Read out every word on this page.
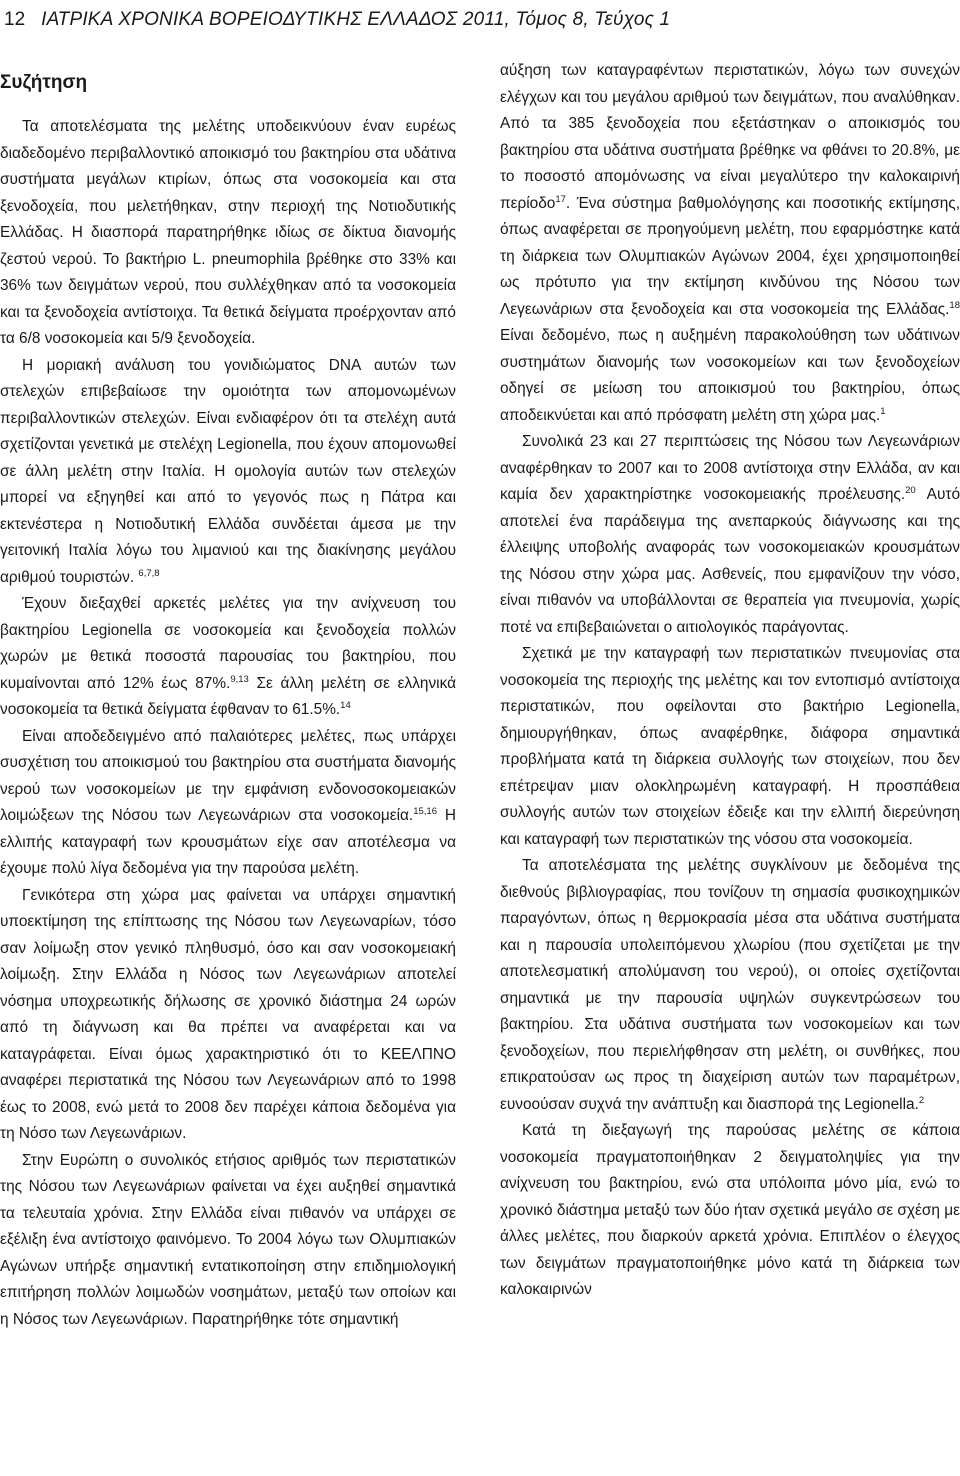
12 ΙΑΤΡΙΚΑ ΧΡΟΝΙΚΑ ΒΟΡΕΙΟΔΥΤΙΚΗΣ ΕΛΛΑΔΟΣ 2011, Τόμος 8, Τεύχος 1

Συζήτηση

Τα αποτελέσματα της μελέτης υποδεικνύουν έναν ευρέως διαδεδομένο περιβαλλοντικό αποικισμό του βακτηρίου στα υδάτινα συστήματα μεγάλων κτιρίων, όπως στα νοσοκομεία και στα ξενοδοχεία, που μελετήθηκαν, στην περιοχή της Νοτιοδυτικής Ελλάδας. Η διασπορά παρατηρήθηκε ιδίως σε δίκτυα διανομής ζεστού νερού. Το βακτήριο L. pneumophila βρέθηκε στο 33% και 36% των δειγμάτων νερού, που συλλέχθηκαν από τα νοσοκομεία και τα ξενοδοχεία αντίστοιχα. Τα θετικά δείγματα προέρχονταν από τα 6/8 νοσοκομεία και 5/9 ξενοδοχεία.

Η μοριακή ανάλυση του γονιδιώματος DNA αυτών των στελεχών επιβεβαίωσε την ομοιότητα των απομονωμένων περιβαλλοντικών στελεχών. Είναι ενδιαφέρον ότι τα στελέχη αυτά σχετίζονται γενετικά με στελέχη Legionella, που έχουν απομονωθεί σε άλλη μελέτη στην Ιταλία. Η ομολογία αυτών των στελεχών μπορεί να εξηγηθεί και από το γεγονός πως η Πάτρα και εκτενέστερα η Νοτιοδυτική Ελλάδα συνδέεται άμεσα με την γειτονική Ιταλία λόγω του λιμανιού και της διακίνησης μεγάλου αριθμού τουριστών. $^{6,7,8}$

Έχουν διεξαχθεί αρκετές μελέτες για την ανίχνευση του βακτηρίου Legionella σε νοσοκομεία και ξενοδοχεία πολλών χωρών με θετικά ποσοστά παρουσίας του βακτηρίου, που κυμαίνονται από 12% έως 87%.$^{9,13}$ Σε άλλη μελέτη σε ελληνικά νοσοκομεία τα θετικά δείγματα έφθαναν το 61.5%.$^{14}$

Είναι αποδεδειγμένο από παλαιότερες μελέτες, πως υπάρχει συσχέτιση του αποικισμού του βακτηρίου στα συστήματα διανομής νερού των νοσοκομείων με την εμφάνιση ενδονοσοκομειακών λοιμώξεων της Νόσου των Λεγεωνάριων στα νοσοκομεία.$^{15,16}$ Η ελλιπής καταγραφή των κρουσμάτων είχε σαν αποτέλεσμα να έχουμε πολύ λίγα δεδομένα για την παρούσα μελέτη.

Γενικότερα στη χώρα μας φαίνεται να υπάρχει σημαντική υποεκτίμηση της επίπτωσης της Νόσου των Λεγεωναρίων, τόσο σαν λοίμωξη στον γενικό πληθυσμό, όσο και σαν νοσοκομειακή λοίμωξη. Στην Ελλάδα η Νόσος των Λεγεωνάριων αποτελεί νόσημα υποχρεωτικής δήλωσης σε χρονικό διάστημα 24 ωρών από τη διάγνωση και θα πρέπει να αναφέρεται και να καταγράφεται. Είναι όμως χαρακτηριστικό ότι το ΚΕΕΛΠΝΟ αναφέρει περιστατικά της Νόσου των Λεγεωνάριων από το 1998 έως το 2008, ενώ μετά το 2008 δεν παρέχει κάποια δεδομένα για τη Νόσο των Λεγεωνάριων.

Στην Ευρώπη ο συνολικός ετήσιος αριθμός των περιστατικών της Νόσου των Λεγεωνάριων φαίνεται να έχει αυξηθεί σημαντικά τα τελευταία χρόνια. Στην Ελλάδα είναι πιθανόν να υπάρχει σε εξέλιξη ένα αντίστοιχο φαινόμενο. Το 2004 λόγω των Ολυμπιακών Αγώνων υπήρξε σημαντική εντατικοποίηση στην επιδημιολογική επιτήρηση πολλών λοιμωδών νοσημάτων, μεταξύ των οποίων και η Νόσος των Λεγεωνάριων. Παρατηρήθηκε τότε σημαντική

αύξηση των καταγραφέντων περιστατικών, λόγω των συνεχών ελέγχων και του μεγάλου αριθμού των δειγμάτων, που αναλύθηκαν. Από τα 385 ξενοδοχεία που εξετάστηκαν ο αποικισμός του βακτηρίου στα υδάτινα συστήματα βρέθηκε να φθάνει το 20.8%, με το ποσοστό απομόνωσης να είναι μεγαλύτερο την καλοκαιρινή περίοδο$^{17}$. Ένα σύστημα βαθμολόγησης και ποσοτικής εκτίμησης, όπως αναφέρεται σε προηγούμενη μελέτη, που εφαρμόστηκε κατά τη διάρκεια των Ολυμπιακών Αγώνων 2004, έχει χρησιμοποιηθεί ως πρότυπο για την εκτίμηση κινδύνου της Νόσου των Λεγεωνάριων στα ξενοδοχεία και στα νοσοκομεία της Ελλάδας.$^{18}$ Είναι δεδομένο, πως η αυξημένη παρακολούθηση των υδάτινων συστημάτων διανομής των νοσοκομείων και των ξενοδοχείων οδηγεί σε μείωση του αποικισμού του βακτηρίου, όπως αποδεικνύεται και από πρόσφατη μελέτη στη χώρα μας.$^1$

Συνολικά 23 και 27 περιπτώσεις της Νόσου των Λεγεωνάριων αναφέρθηκαν το 2007 και το 2008 αντίστοιχα στην Ελλάδα, αν και καμία δεν χαρακτηρίστηκε νοσοκομειακής προέλευσης.$^{20}$ Αυτό αποτελεί ένα παράδειγμα της ανεπαρκούς διάγνωσης και της έλλειψης υποβολής αναφοράς των νοσοκομειακών κρουσμάτων της Νόσου στην χώρα μας. Ασθενείς, που εμφανίζουν την νόσο, είναι πιθανόν να υποβάλλονται σε θεραπεία για πνευμονία, χωρίς ποτέ να επιβεβαιώνεται ο αιτιολογικός παράγοντας.

Σχετικά με την καταγραφή των περιστατικών πνευμονίας στα νοσοκομεία της περιοχής της μελέτης και τον εντοπισμό αντίστοιχα περιστατικών, που οφείλονται στο βακτήριο Legionella, δημιουργήθηκαν, όπως αναφέρθηκε, διάφορα σημαντικά προβλήματα κατά τη διάρκεια συλλογής των στοιχείων, που δεν επέτρεψαν μιαν ολοκληρωμένη καταγραφή. Η προσπάθεια συλλογής αυτών των στοιχείων έδειξε και την ελλιπή διερεύνηση και καταγραφή των περιστατικών της νόσου στα νοσοκομεία.

Τα αποτελέσματα της μελέτης συγκλίνουν με δεδομένα της διεθνούς βιβλιογραφίας, που τονίζουν τη σημασία φυσικοχημικών παραγόντων, όπως η θερμοκρασία μέσα στα υδάτινα συστήματα και η παρουσία υπολειπόμενου χλωρίου (που σχετίζεται με την αποτελεσματική απολύμανση του νερού), οι οποίες σχετίζονται σημαντικά με την παρουσία υψηλών συγκεντρώσεων του βακτηρίου. Στα υδάτινα συστήματα των νοσοκομείων και των ξενοδοχείων, που περιελήφθησαν στη μελέτη, οι συνθήκες, που επικρατούσαν ως προς τη διαχείριση αυτών των παραμέτρων, ευνοούσαν συχνά την ανάπτυξη και διασπορά της Legionella.$^2$

Κατά τη διεξαγωγή της παρούσας μελέτης σε κάποια νοσοκομεία πραγματοποιήθηκαν 2 δειγματοληψίες για την ανίχνευση του βακτηρίου, ενώ στα υπόλοιπα μόνο μία, ενώ το χρονικό διάστημα μεταξύ των δύο ήταν σχετικά μεγάλο σε σχέση με άλλες μελέτες, που διαρκούν αρκετά χρόνια. Επιπλέον ο έλεγχος των δειγμάτων πραγματοποιήθηκε μόνο κατά τη διάρκεια των καλοκαιρινών
